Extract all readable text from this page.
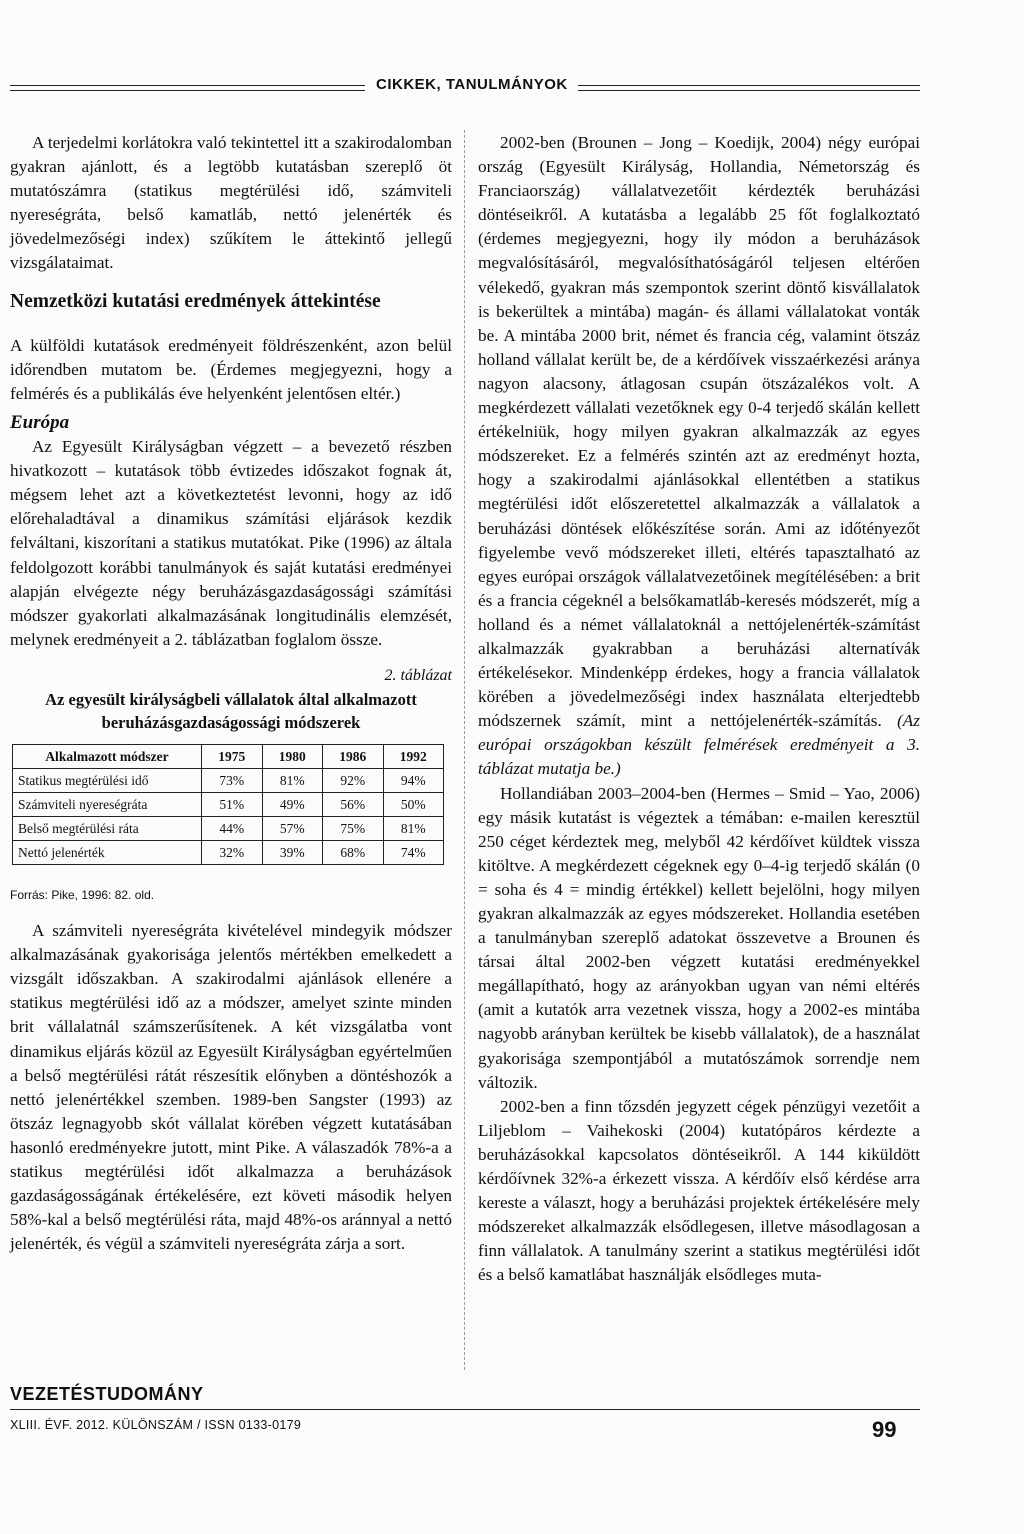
CIKKEK, TANULMÁNYOK

A terjedelmi korlátokra való tekintettel itt a szakirodalomban gyakran ajánlott, és a legtöbb kutatásban szereplő öt mutatószámra (statikus megtérülési idő, számviteli nyereségráta, belső kamatláb, nettó jelenérték és jövedelmezőségi index) szűkítem le áttekintő jellegű vizsgálataimat.

Nemzetközi kutatási eredmények áttekintése

A külföldi kutatások eredményeit földrészenként, azon belül időrendben mutatom be. (Érdemes megjegyezni, hogy a felmérés és a publikálás éve helyenként jelentősen eltér.)

Európa

Az Egyesült Királyságban végzett – a bevezető részben hivatkozott – kutatások több évtizedes időszakot fognak át, mégsem lehet azt a következtetést levonni, hogy az idő előrehaladtával a dinamikus számítási eljárások kezdik felváltani, kiszorítani a statikus mutatókat. Pike (1996) az általa feldolgozott korábbi tanulmányok és saját kutatási eredményei alapján elvégezte négy beruházásgazdaságossági számítási módszer gyakorlati alkalmazásának longitudinális elemzését, melynek eredményeit a 2. táblázatban foglalom össze.

2. táblázat
Az egyesült királyságbeli vállalatok által alkalmazott beruházásgazdaságossági módszerek
Alkalmazott módszer	1975	1980	1986	1992
Statikus megtérülési idő	73%	81%	92%	94%
Számviteli nyereségráta	51%	49%	56%	50%
Belső megtérülési ráta	44%	57%	75%	81%
Nettó jelenérték	32%	39%	68%	74%
Forrás: Pike, 1996: 82. old.

A számviteli nyereségráta kivételével mindegyik módszer alkalmazásának gyakorisága jelentős mértékben emelkedett a vizsgált időszakban. A szakirodalmi ajánlások ellenére a statikus megtérülési idő az a módszer, amelyet szinte minden brit vállalatnál számszerűsítenek. A két vizsgálatba vont dinamikus eljárás közül az Egyesült Királyságban egyértelműen a belső megtérülési rátát részesítik előnyben a döntéshozók a nettó jelenértékkel szemben. 1989-ben Sangster (1993) az ötszáz legnagyobb skót vállalat körében végzett kutatásában hasonló eredményekre jutott, mint Pike. A válaszadók 78%-a a statikus megtérülési időt alkalmazza a beruházások gazdaságosságának értékelésére, ezt követi második helyen 58%-kal a belső megtérülési ráta, majd 48%-os aránnyal a nettó jelenérték, és végül a számviteli nyereségráta zárja a sort.

2002-ben (Brounen – Jong – Koedijk, 2004) négy európai ország (Egyesült Királyság, Hollandia, Németország és Franciaország) vállalatvezetőit kérdezték beruházási döntéseikről. A kutatásba a legalább 25 főt foglalkoztató (érdemes megjegyezni, hogy ily módon a beruházások megvalósításáról, megvalósíthatóságáról teljesen eltérően vélekedő, gyakran más szempontok szerint döntő kisvállalatok is bekerültek a mintába) magán- és állami vállalatokat vonták be. A mintába 2000 brit, német és francia cég, valamint ötszáz holland vállalat került be, de a kérdőívek visszaérkezési aránya nagyon alacsony, átlagosan csupán ötszázalékos volt. A megkérdezett vállalati vezetőknek egy 0-4 terjedő skálán kellett értékelniük, hogy milyen gyakran alkalmazzák az egyes módszereket. Ez a felmérés szintén azt az eredményt hozta, hogy a szakirodalmi ajánlásokkal ellentétben a statikus megtérülési időt előszeretettel alkalmazzák a vállalatok a beruházási döntések előkészítése során. Ami az időtényezőt figyelembe vevő módszereket illeti, eltérés tapasztalható az egyes európai országok vállalatvezetőinek megítélésében: a brit és a francia cégeknél a belsőkamatláb-keresés módszerét, míg a holland és a német vállalatoknál a nettójelenérték-számítást alkalmazzák gyakrabban a beruházási alternatívák értékelésekor. Mindenképp érdekes, hogy a francia vállalatok körében a jövedelmezőségi index használata elterjedtebb módszernek számít, mint a nettójelenérték-számítás. (Az európai országokban készült felmérések eredményeit a 3. táblázat mutatja be.)

Hollandiában 2003–2004-ben (Hermes – Smid – Yao, 2006) egy másik kutatást is végeztek a témában: e-mailen keresztül 250 céget kérdeztek meg, melyből 42 kérdőívet küldtek vissza kitöltve. A megkérdezett cégeknek egy 0–4-ig terjedő skálán (0 = soha és 4 = mindig értékkel) kellett bejelölni, hogy milyen gyakran alkalmazzák az egyes módszereket. Hollandia esetében a tanulmányban szereplő adatokat összevetve a Brounen és társai által 2002-ben végzett kutatási eredményekkel megállapítható, hogy az arányokban ugyan van némi eltérés (amit a kutatók arra vezetnek vissza, hogy a 2002-es mintába nagyobb arányban kerültek be kisebb vállalatok), de a használat gyakorisága szempontjából a mutatószámok sorrendje nem változik.

2002-ben a finn tőzsdén jegyzett cégek pénzügyi vezetőit a Liljeblom – Vaihekoski (2004) kutatópáros kérdezte a beruházásokkal kapcsolatos döntéseikről. A 144 kiküldött kérdőívnek 32%-a érkezett vissza. A kérdőív első kérdése arra kereste a választ, hogy a beruházási projektek értékelésére mely módszereket alkalmazzák elsődlegesen, illetve másodlagosan a finn vállalatok. A tanulmány szerint a statikus megtérülési időt és a belső kamatlábat használják elsődleges muta-

VEZETÉSTUDOMÁNY
XLIII. ÉVF. 2012. KÜLÖNSZÁM / ISSN 0133-0179	99
